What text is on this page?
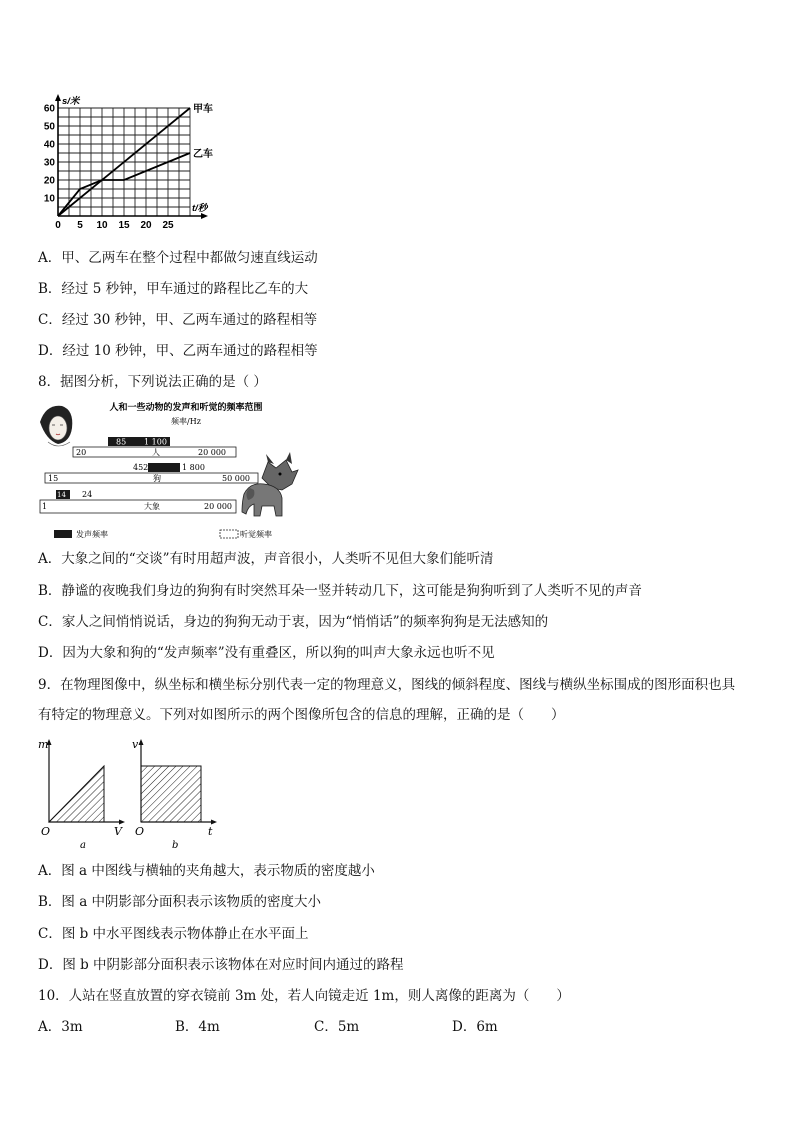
甲车
乙车
0 5 10 15 20 25
10
20
30
40
50
60
s/米
t/秒
A．甲、乙两车在整个过程中都做匀速直线运动
B．经过 5 秒钟，甲车通过的路程比乙车的大
C．经过 30 秒钟，甲、乙两车通过的路程相等
D．经过 10 秒钟，甲、乙两车通过的路程相等
8．据图分析，下列说法正确的是（ ）
人和一些动物的发声和听觉的频率范围
频率/Hz
85 1 100
20	人	20 000
452	1 800
15	狗	50 000
14 24
1	大象	20 000
发声频率	听觉频率
A．大象之间的“交谈”有时用超声波，声音很小，人类听不见但大象们能听清
B．静谧的夜晚我们身边的狗狗有时突然耳朵一竖并转动几下，这可能是狗狗听到了人类听不见的声音
C．家人之间悄悄说话，身边的狗狗无动于衷，因为“悄悄话”的频率狗狗是无法感知的
D．因为大象和狗的“发声频率”没有重叠区，所以狗的叫声大象永远也听不见
9．在物理图像中，纵坐标和横坐标分别代表一定的物理意义，图线的倾斜程度、图线与横纵坐标围成的图形面积也具
有特定的物理意义。下列对如图所示的两个图像所包含的信息的理解，正确的是（　　）
m
V
O
a
v
t
O
b
A．图 a 中图线与横轴的夹角越大，表示物质的密度越小
B．图 a 中阴影部分面积表示该物质的密度大小
C．图 b 中水平图线表示物体静止在水平面上
D．图 b 中阴影部分面积表示该物体在对应时间内通过的路程
10．人站在竖直放置的穿衣镜前 3m 处，若人向镜走近 1m，则人离像的距离为（　　）
A．3m	B．4m	C．5m	D．6m
